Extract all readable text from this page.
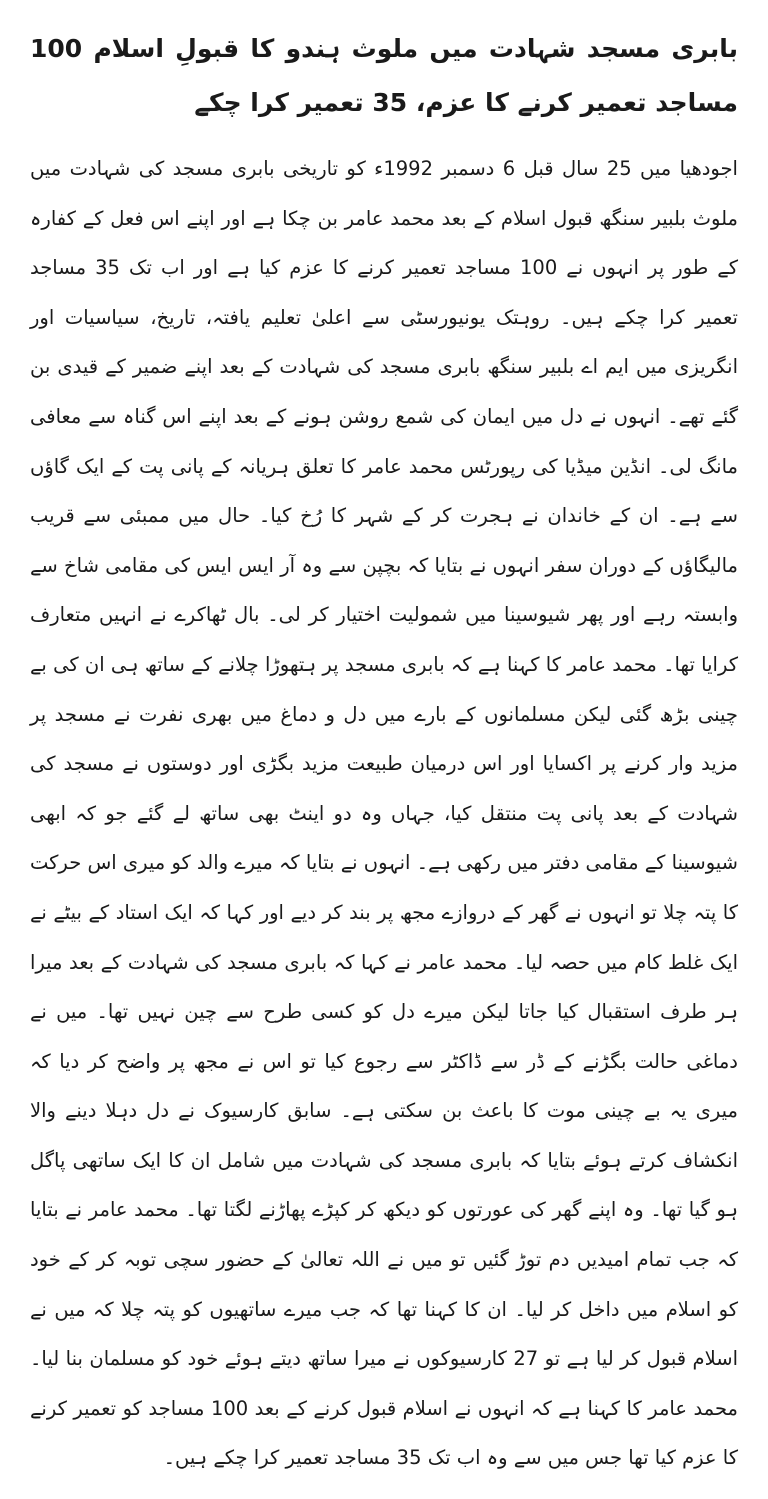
بابری مسجد شہادت میں ملوث ہندو کا قبولِ اسلام 100 مساجد تعمیر کرنے کا عزم، 35 تعمیر کرا چکے

اجودھیا میں 25 سال قبل 6 دسمبر 1992ء کو تاریخی بابری مسجد کی شہادت میں ملوث بلبیر سنگھ قبول اسلام کے بعد محمد عامر بن چکا ہے اور اپنے اس فعل کے کفارہ کے طور پر انہوں نے 100 مساجد تعمیر کرنے کا عزم کیا ہے اور اب تک 35 مساجد تعمیر کرا چکے ہیں۔ روہتک یونیورسٹی سے اعلیٰ تعلیم یافتہ، تاریخ، سیاسیات اور انگریزی میں ایم اے بلبیر سنگھ بابری مسجد کی شہادت کے بعد اپنے ضمیر کے قیدی بن گئے تھے۔ انہوں نے دل میں ایمان کی شمع روشن ہونے کے بعد اپنے اس گناہ سے معافی مانگ لی۔ انڈین میڈیا کی رپورٹس محمد عامر کا تعلق ہریانہ کے پانی پت کے ایک گاؤں سے ہے۔ ان کے خاندان نے ہجرت کر کے شہر کا رُخ کیا۔ حال میں ممبئی سے قریب مالیگاؤں کے دوران سفر انہوں نے بتایا کہ بچپن سے وہ آر ایس ایس کی مقامی شاخ سے وابستہ رہے اور پھر شیوسینا میں شمولیت اختیار کر لی۔ بال ٹھاکرے نے انہیں متعارف کرایا تھا۔ محمد عامر کا کہنا ہے کہ بابری مسجد پر ہتھوڑا چلانے کے ساتھ ہی ان کی بے چینی بڑھ گئی لیکن مسلمانوں کے بارے میں دل و دماغ میں بھری نفرت نے مسجد پر مزید وار کرنے پر اکسایا اور اس درمیان طبیعت مزید بگڑی اور دوستوں نے مسجد کی شہادت کے بعد پانی پت منتقل کیا، جہاں وہ دو اینٹ بھی ساتھ لے گئے جو کہ ابھی شیوسینا کے مقامی دفتر میں رکھی ہے۔ انہوں نے بتایا کہ میرے والد کو میری اس حرکت کا پتہ چلا تو انہوں نے گھر کے دروازے مجھ پر بند کر دیے اور کہا کہ ایک استاد کے بیٹے نے ایک غلط کام میں حصہ لیا۔ محمد عامر نے کہا کہ بابری مسجد کی شہادت کے بعد میرا ہر طرف استقبال کیا جاتا لیکن میرے دل کو کسی طرح سے چین نہیں تھا۔ میں نے دماغی حالت بگڑنے کے ڈر سے ڈاکٹر سے رجوع کیا تو اس نے مجھ پر واضح کر دیا کہ میری یہ بے چینی موت کا باعث بن سکتی ہے۔ سابق کارسیوک نے دل دہلا دینے والا انکشاف کرتے ہوئے بتایا کہ بابری مسجد کی شہادت میں شامل ان کا ایک ساتھی پاگل ہو گیا تھا۔ وہ اپنے گھر کی عورتوں کو دیکھ کر کپڑے پھاڑنے لگتا تھا۔ محمد عامر نے بتایا کہ جب تمام امیدیں دم توڑ گئیں تو میں نے اللہ تعالیٰ کے حضور سچی توبہ کر کے خود کو اسلام میں داخل کر لیا۔ ان کا کہنا تھا کہ جب میرے ساتھیوں کو پتہ چلا کہ میں نے اسلام قبول کر لیا ہے تو 27 کارسیوکوں نے میرا ساتھ دیتے ہوئے خود کو مسلمان بنا لیا۔ محمد عامر کا کہنا ہے کہ انہوں نے اسلام قبول کرنے کے بعد 100 مساجد کو تعمیر کرنے کا عزم کیا تھا جس میں سے وہ اب تک 35 مساجد تعمیر کرا چکے ہیں۔
